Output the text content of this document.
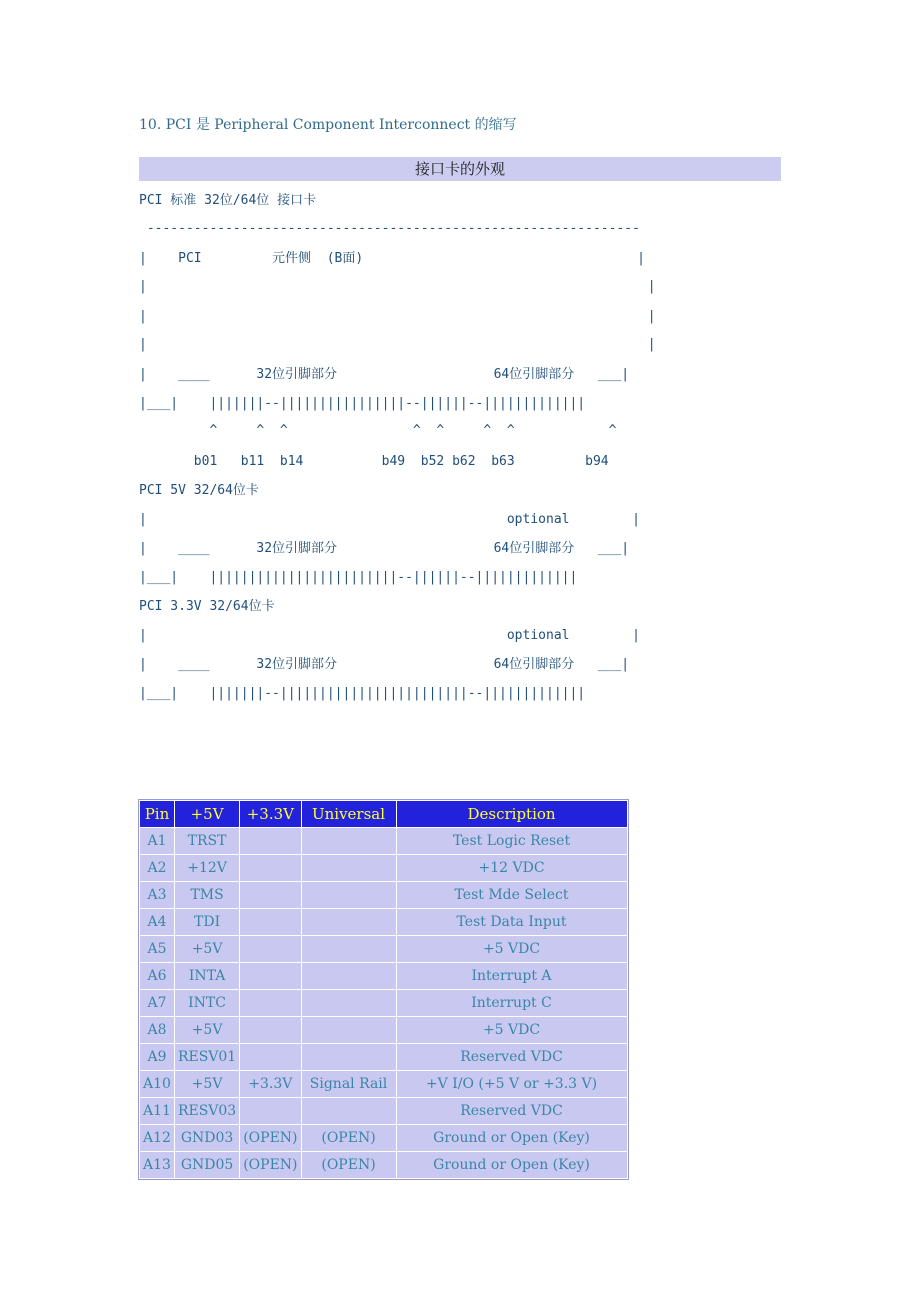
10. PCI 是 Peripheral Component Interconnect 的缩写
接口卡的外观
PCI 标准 32位/64位 接口卡
---------------------------------------------------------------
|    PCI         元件侧  (B面)                                   |
|                                                                |
|                                                                |
|                                                                |
|    ____      32位引脚部分                    64位引脚部分   ___|
|___|    |||||||--||||||||||||||||--||||||--|||||||||||||
^     ^  ^                ^  ^     ^  ^            ^
b01   b11  b14          b49  b52 b62  b63         b94
PCI 5V 32/64位卡
|                                              optional        |
|    ____      32位引脚部分                    64位引脚部分   ___|
|___|    ||||||||||||||||||||||||--||||||--|||||||||||||
PCI 3.3V 32/64位卡
|                                              optional        |
|    ____      32位引脚部分                    64位引脚部分   ___|
|___|    |||||||--||||||||||||||||||||||||--|||||||||||||
Pin	+5V	+3.3V	Universal	Description
A1	TRST			Test Logic Reset
A2	+12V			+12 VDC
A3	TMS			Test Mde Select
A4	TDI			Test Data Input
A5	+5V			+5 VDC
A6	INTA			Interrupt A
A7	INTC			Interrupt C
A8	+5V			+5 VDC
A9	RESV01			Reserved VDC
A10	+5V	+3.3V	Signal Rail	+V I/O (+5 V or +3.3 V)
A11	RESV03			Reserved VDC
A12	GND03	(OPEN)	(OPEN)	Ground or Open (Key)
A13	GND05	(OPEN)	(OPEN)	Ground or Open (Key)
